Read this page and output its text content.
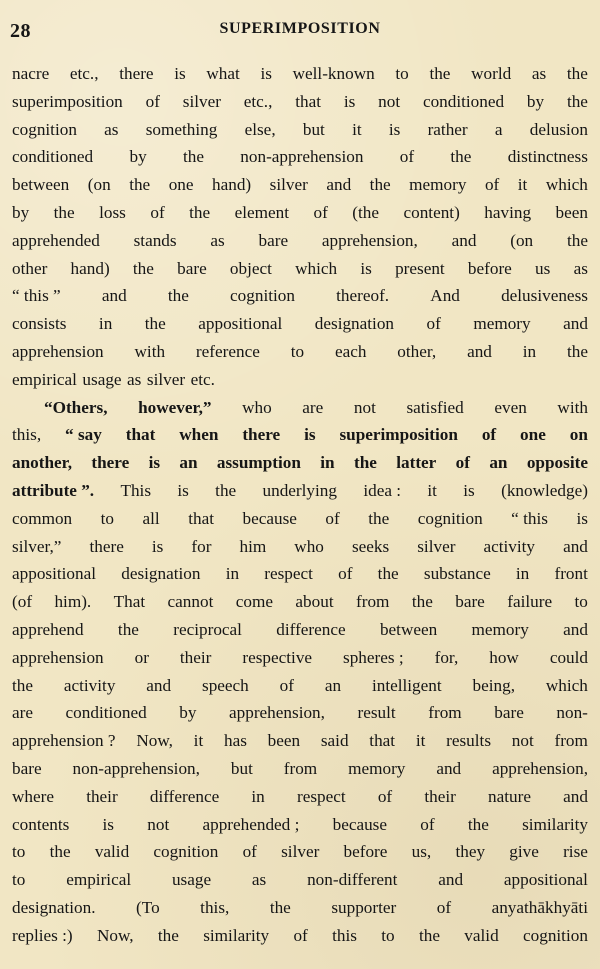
28	SUPERIMPOSITION
nacre etc., there is what is well-known to the world as the
superimposition of silver etc., that is not conditioned by the
cognition as something else, but it is rather a delusion
conditioned by the non-apprehension of the distinctness
between (on the one hand) silver and the memory of it which
by the loss of the element of (the content) having been
apprehended stands as bare apprehension, and (on the
other hand) the bare object which is present before us as
“ this ” and the cognition thereof. And delusiveness
consists in the appositional designation of memory and
apprehension with reference to each other, and in the
empirical usage as silver etc.
“Others, however,” who are not satisfied even with
this, “ say that when there is superimposition of one on
another, there is an assumption in the latter of an opposite
attribute ”. This is the underlying idea : it is (knowledge)
common to all that because of the cognition “ this is
silver,” there is for him who seeks silver activity and
appositional designation in respect of the substance in front
(of him). That cannot come about from the bare failure to
apprehend the reciprocal difference between memory and
apprehension or their respective spheres ; for, how could
the activity and speech of an intelligent being, which
are conditioned by apprehension, result from bare non-
apprehension ? Now, it has been said that it results not from
bare non-apprehension, but from memory and apprehension,
where their difference in respect of their nature and
contents is not apprehended ; because of the similarity
to the valid cognition of silver before us, they give rise
to empirical usage as non-different and appositional
designation. (To this, the supporter of anyathākhyāti
replies :) Now, the similarity of this to the valid cognition
